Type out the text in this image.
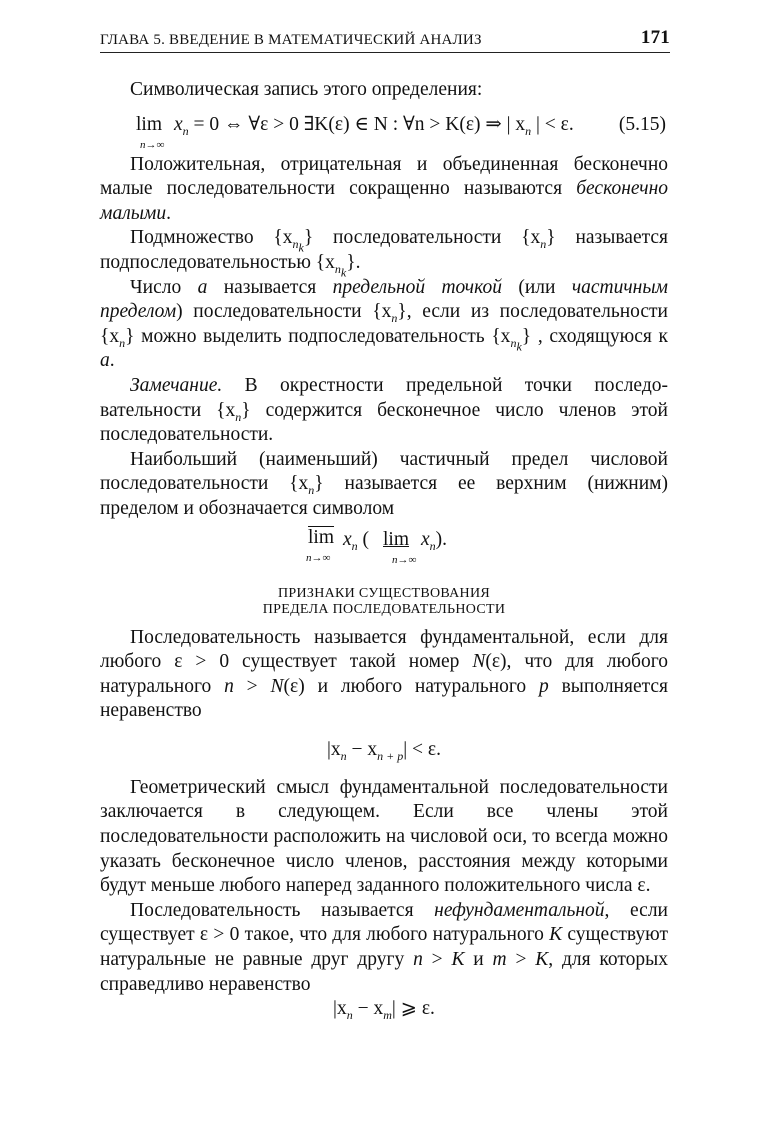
ГЛАВА 5. ВВЕДЕНИЕ В МАТЕМАТИЧЕСКИЙ АНАЛИЗ	171

Символическая запись этого определения:

lim
n→∞
$x_n = 0$ ⇔ ∀ε > 0 ∃K(ε) ∈ N : ∀n > K(ε) ⇒ | $x_n$ | < ε. (5.15)

Положительная, отрицательная и объединенная бесконечно малые последовательности сокращенно называются бесконечно малыми.

Подмножество $\{x_{n_k}\}$ последовательности $\{x_n\}$ называется подпоследовательностью $\{x_{n_k}\}$.

Число a называется предельной точкой (или частичным пределом) последовательности $\{x_n\}$, если из последовательности $\{x_n\}$ можно выделить подпоследовательность $\{x_{n_k}\}$ , сходящуюся к a.

Замечание. В окрестности предельной точки последовательности $\{x_n\}$ содержится бесконечное число членов этой последовательности.

Наибольший (наименьший) частичный предел числовой последовательности $\{x_n\}$ называется ее верхним (нижним) пределом и обозначается символом

$\overline{lim}$
n→∞
$x_n$ ( lim
n→∞
$x_n$).
ПРИЗНАКИ СУЩЕСТВОВАНИЯ
ПРЕДЕЛА ПОСЛЕДОВАТЕЛЬНОСТИ

Последовательность называется фундаментальной, если для любого ε > 0 существует такой номер N(ε), что для любого натурального n > N(ε) и любого натурального p выполняется неравенство

$|x_n - x_{n + p}| < \varepsilon$.

Геометрический смысл фундаментальной последовательности заключается в следующем. Если все члены этой последовательности расположить на числовой оси, то всегда можно указать бесконечное число членов, расстояния между которыми будут меньше любого наперед заданного положительного числа ε.

Последовательность называется нефундаментальной, если существует ε > 0 такое, что для любого натурального K существуют натуральные не равные друг другу n > K и m > K, для которых справедливо неравенство

$|x_n - x_m|$ ⩾ ε.
